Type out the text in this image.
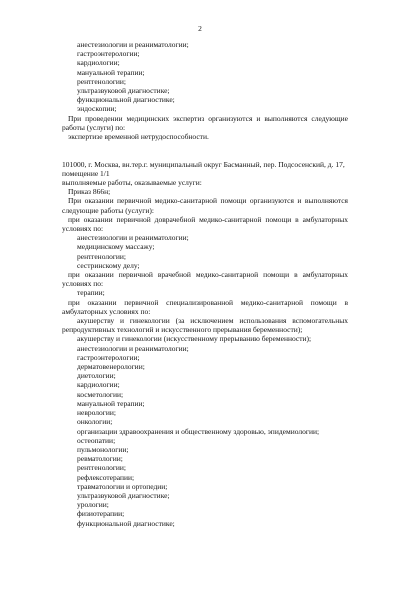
2
анестезиологии и реаниматологии;
гастроэнтерологии;
кардиологии;
мануальной терапии;
рентгенологии;
ультразвуковой диагностике;
функциональной диагностике;
эндоскопии;
При проведении медицинских экспертиз организуются и выполняются следующие
работы (услуги) по:
экспертизе временной нетрудоспособности.
101000, г. Москва, вн.тер.г. муниципальный округ Басманный, пер. Подсосенский, д. 17,
помещение 1/1
выполняемые работы, оказываемые услуги:
Приказ 866н;
При оказании первичной медико-санитарной помощи организуются и выполняются
следующие работы (услуги):
при оказании первичной доврачебной медико-санитарной помощи в амбулаторных
условиях по:
анестезиологии и реаниматологии;
медицинскому массажу;
рентгенологии;
сестринскому делу;
при оказании первичной врачебной медико-санитарной помощи в амбулаторных
условиях по:
терапии;
при оказании первичной специализированной медико-санитарной помощи в
амбулаторных условиях по:
акушерству и гинекологии (за исключением использования вспомогательных
репродуктивных технологий и искусственного прерывания беременности);
акушерству и гинекологии (искусственному прерыванию беременности);
анестезиологии и реаниматологии;
гастроэнтерологии;
дерматовенерологии;
диетологии;
кардиологии;
косметологии;
мануальной терапии;
неврологии;
онкологии;
организации здравоохранения и общественному здоровью, эпидемиологии;
остеопатии;
пульмонологии;
ревматологии;
рентгенологии;
рефлексотерапии;
травматологии и ортопедии;
ультразвуковой диагностике;
урологии;
физиотерапии;
функциональной диагностике;
